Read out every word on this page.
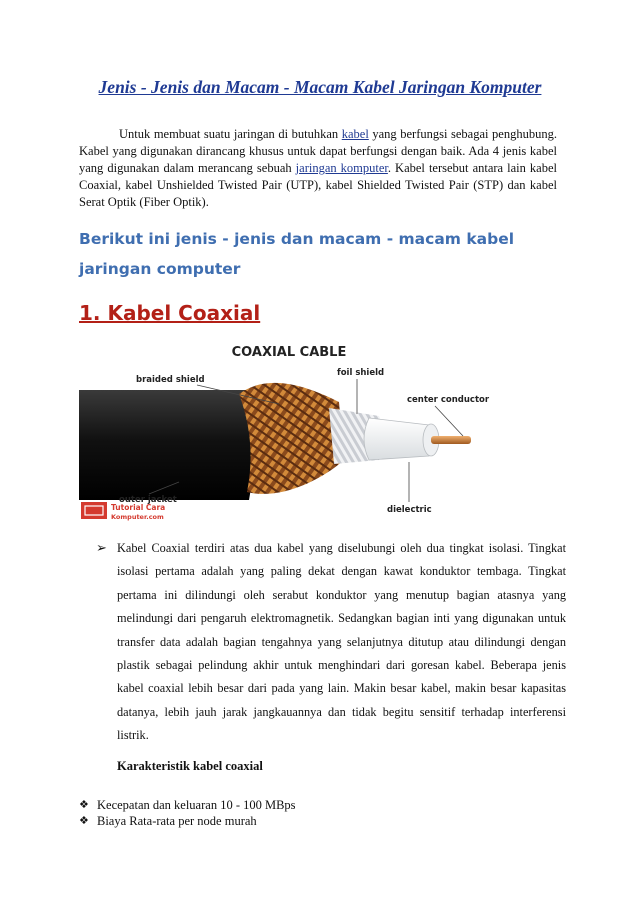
Jenis - Jenis dan Macam - Macam Kabel Jaringan Komputer
Untuk membuat suatu jaringan di butuhkan kabel yang berfungsi sebagai penghubung. Kabel yang digunakan dirancang khusus untuk dapat berfungsi dengan baik. Ada 4 jenis kabel yang digunakan dalam merancang sebuah jaringan komputer. Kabel tersebut antara lain kabel Coaxial, kabel Unshielded Twisted Pair (UTP), kabel Shielded Twisted Pair (STP) dan kabel Serat Optik (Fiber Optik).
Berikut ini jenis - jenis dan macam - macam kabel jaringan computer
1. Kabel Coaxial
COAXIAL CABLE
braided shield
foil shield
center conductor
outer jacket
dielectric
Tutorial Cara
Komputer.com
➢ Kabel Coaxial terdiri atas dua kabel yang diselubungi oleh dua tingkat isolasi. Tingkat isolasi pertama adalah yang paling dekat dengan kawat konduktor tembaga. Tingkat pertama ini dilindungi oleh serabut konduktor yang menutup bagian atasnya yang melindungi dari pengaruh elektromagnetik. Sedangkan bagian inti yang digunakan untuk transfer data adalah bagian tengahnya yang selanjutnya ditutup atau dilindungi dengan plastik sebagai pelindung akhir untuk menghindari dari goresan kabel. Beberapa jenis kabel coaxial lebih besar dari pada yang lain. Makin besar kabel, makin besar kapasitas datanya, lebih jauh jarak jangkauannya dan tidak begitu sensitif terhadap interferensi listrik.
Karakteristik kabel coaxial
❖ Kecepatan dan keluaran 10 - 100 MBps
❖ Biaya Rata-rata per node murah
